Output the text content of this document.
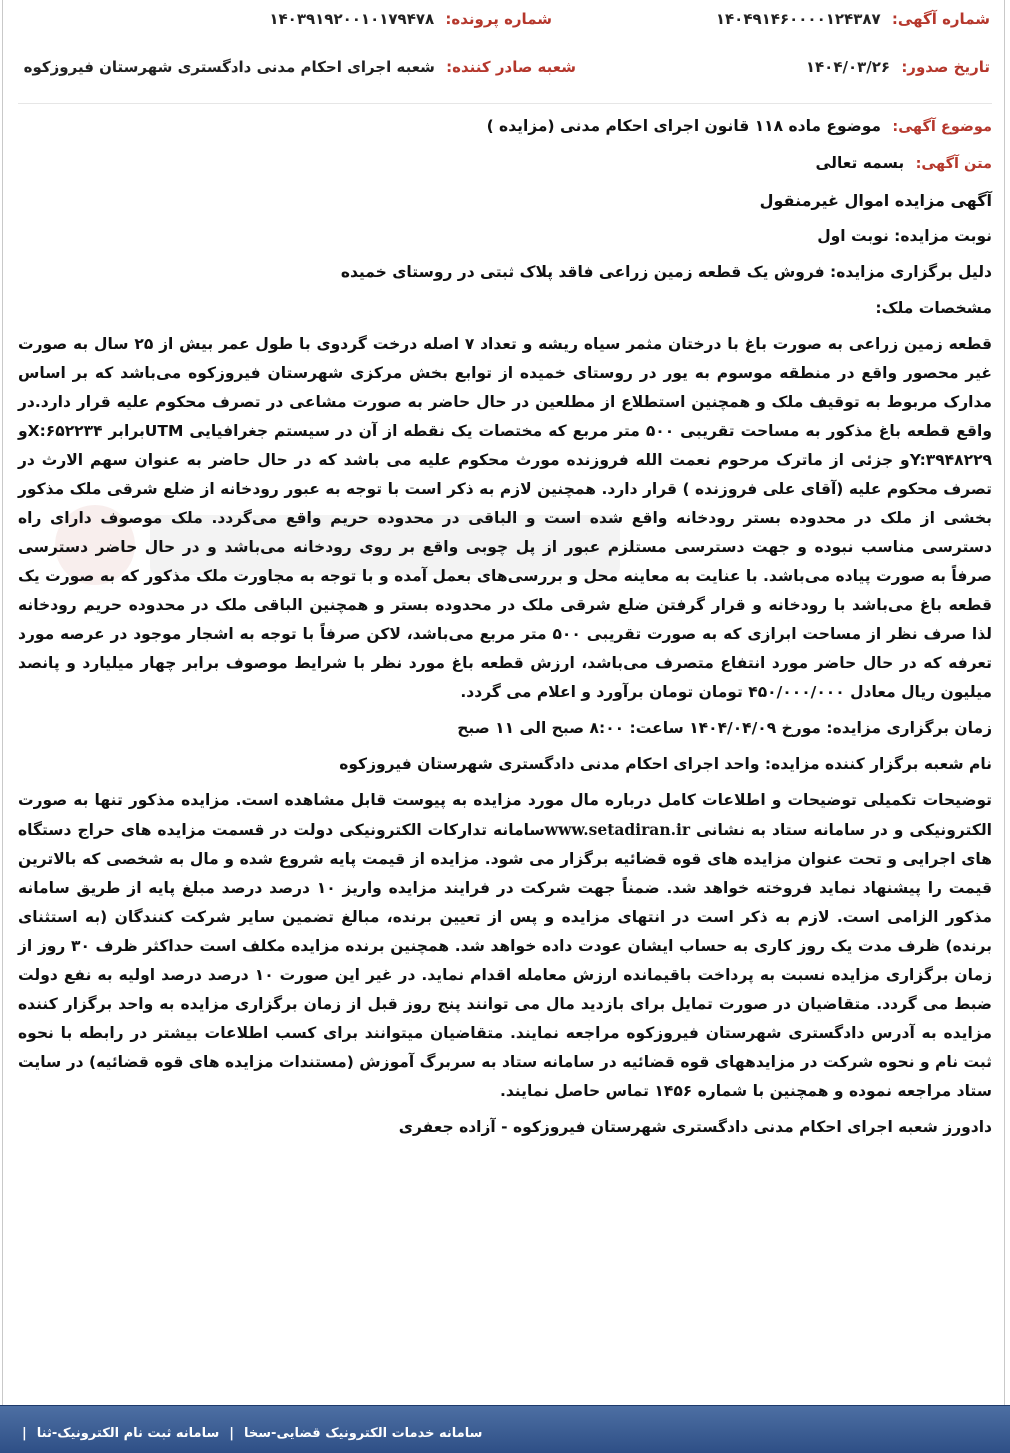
شماره آگهی: ۱۴۰۴۹۱۴۶۰۰۰۰۱۲۴۳۸۷
شماره پرونده: ۱۴۰۳۹۱۹۲۰۰۱۰۱۷۹۴۷۸
تاریخ صدور: ۱۴۰۴/۰۳/۲۶
شعبه صادر کننده: شعبه اجرای احکام مدنی دادگستری شهرستان فیروزکوه

موضوع آگهی: موضوع ماده ۱۱۸ قانون اجرای احکام مدنی (مزایده )

متن آگهی: بسمه تعالی

آگهی مزایده اموال غیرمنقول

نوبت مزایده: نوبت اول

دلیل برگزاری مزایده: فروش یک قطعه زمین زراعی فاقد پلاک ثبتی در روستای خمیده

مشخصات ملک:

قطعه زمین زراعی به صورت باغ با درختان مثمر سیاه ریشه و تعداد ۷ اصله درخت گردوی با طول عمر بیش از ۲۵ سال به صورت غیر محصور واقع در منطقه موسوم به یور در روستای خمیده از توابع بخش مرکزی شهرستان فیروزکوه می‌باشد که بر اساس مدارک مربوط به توقیف ملک و همچنین استطلاع از مطلعین در حال حاضر به صورت مشاعی در تصرف محکوم علیه قرار دارد.در واقع قطعه باغ مذکور به مساحت تقریبی ۵۰۰ متر مربع که مختصات یک نقطه از آن در سیستم جغرافیایی UTMبرابر X:۶۵۲۲۳۴و Y:۳۹۴۸۲۲۹و جزئی از ماترک مرحوم نعمت الله فروزنده مورث محکوم علیه می باشد که در حال حاضر به عنوان سهم الارث در تصرف محکوم علیه (آقای علی فروزنده ) قرار دارد. همچنین لازم به ذکر است با توجه به عبور رودخانه از ضلع شرقی ملک مذکور بخشی از ملک در محدوده بستر رودخانه واقع شده است و الباقی در محدوده حریم واقع می‌گردد. ملک موصوف دارای راه دسترسی مناسب نبوده و جهت دسترسی مستلزم عبور از پل چوبی واقع بر روی رودخانه می‌باشد و در حال حاضر دسترسی صرفاً به صورت پیاده می‌باشد. با عنایت به معاینه محل و بررسی‌های بعمل آمده و با توجه به مجاورت ملک مذکور که به صورت یک قطعه باغ می‌باشد با رودخانه و قرار گرفتن ضلع شرقی ملک در محدوده بستر و همچنین الباقی ملک در محدوده حریم رودخانه لذا صرف نظر از مساحت ابرازی که به صورت تقریبی ۵۰۰ متر مربع می‌باشد، لاکن صرفاً با توجه به اشجار موجود در عرصه مورد تعرفه که در حال حاضر مورد انتفاع متصرف می‌باشد، ارزش قطعه باغ مورد نظر با شرایط موصوف برابر چهار میلیارد و پانصد میلیون ریال معادل ۴۵۰/۰۰۰/۰۰۰ تومان تومان برآورد و اعلام می گردد.

زمان برگزاری مزایده: مورخ ۱۴۰۴/۰۴/۰۹ ساعت: ۸:۰۰ صبح الی ۱۱ صبح

نام شعبه برگزار کننده مزایده: واحد اجرای احکام مدنی دادگستری شهرستان فیروزکوه

توضیحات تکمیلی توضیحات و اطلاعات کامل درباره مال مورد مزایده به پیوست قابل مشاهده است. مزایده مذکور تنها به صورت الکترونیکی و در سامانه ستاد به نشانی www.setadiran.irسامانه تدارکات الکترونیکی دولت در قسمت مزایده های حراج دستگاه های اجرایی و تحت عنوان مزایده های قوه قضائیه برگزار می شود. مزایده از قیمت پایه شروع شده و مال به شخصی که بالاترین قیمت را پیشنهاد نماید فروخته خواهد شد. ضمناً جهت شرکت در فرایند مزایده واریز ۱۰ درصد درصد مبلغ پایه از طریق سامانه مذکور الزامی است. لازم به ذکر است در انتهای مزایده و پس از تعیین برنده، مبالغ تضمین سایر شرکت کنندگان (به استثنای برنده) ظرف مدت یک روز کاری به حساب ایشان عودت داده خواهد شد. همچنین برنده مزایده مکلف است حداکثر ظرف ۳۰ روز از زمان برگزاری مزایده نسبت به پرداخت باقیمانده ارزش معامله اقدام نماید. در غیر این صورت ۱۰ درصد درصد اولیه به نفع دولت ضبط می گردد. متقاضیان در صورت تمایل برای بازدید مال می توانند پنج روز قبل از زمان برگزاری مزایده به واحد برگزار کننده مزایده به آدرس دادگستری شهرستان فیروزکوه مراجعه نمایند. متقاضیان میتوانند برای کسب اطلاعات بیشتر در رابطه با نحوه ثبت نام و نحوه شرکت در مزایدههای قوه قضائیه در سامانه ستاد به سربرگ آموزش (مستندات مزایده های قوه قضائیه) در سایت ستاد مراجعه نموده و همچنین با شماره ۱۴۵۶ تماس حاصل نمایند.

دادورز شعبه اجرای احکام مدنی دادگستری شهرستان فیروزکوه - آزاده جعفری

سامانه خدمات الکترونیک قضایی-سخا
|
سامانه ثبت نام الکترونیک-ثنا
|
